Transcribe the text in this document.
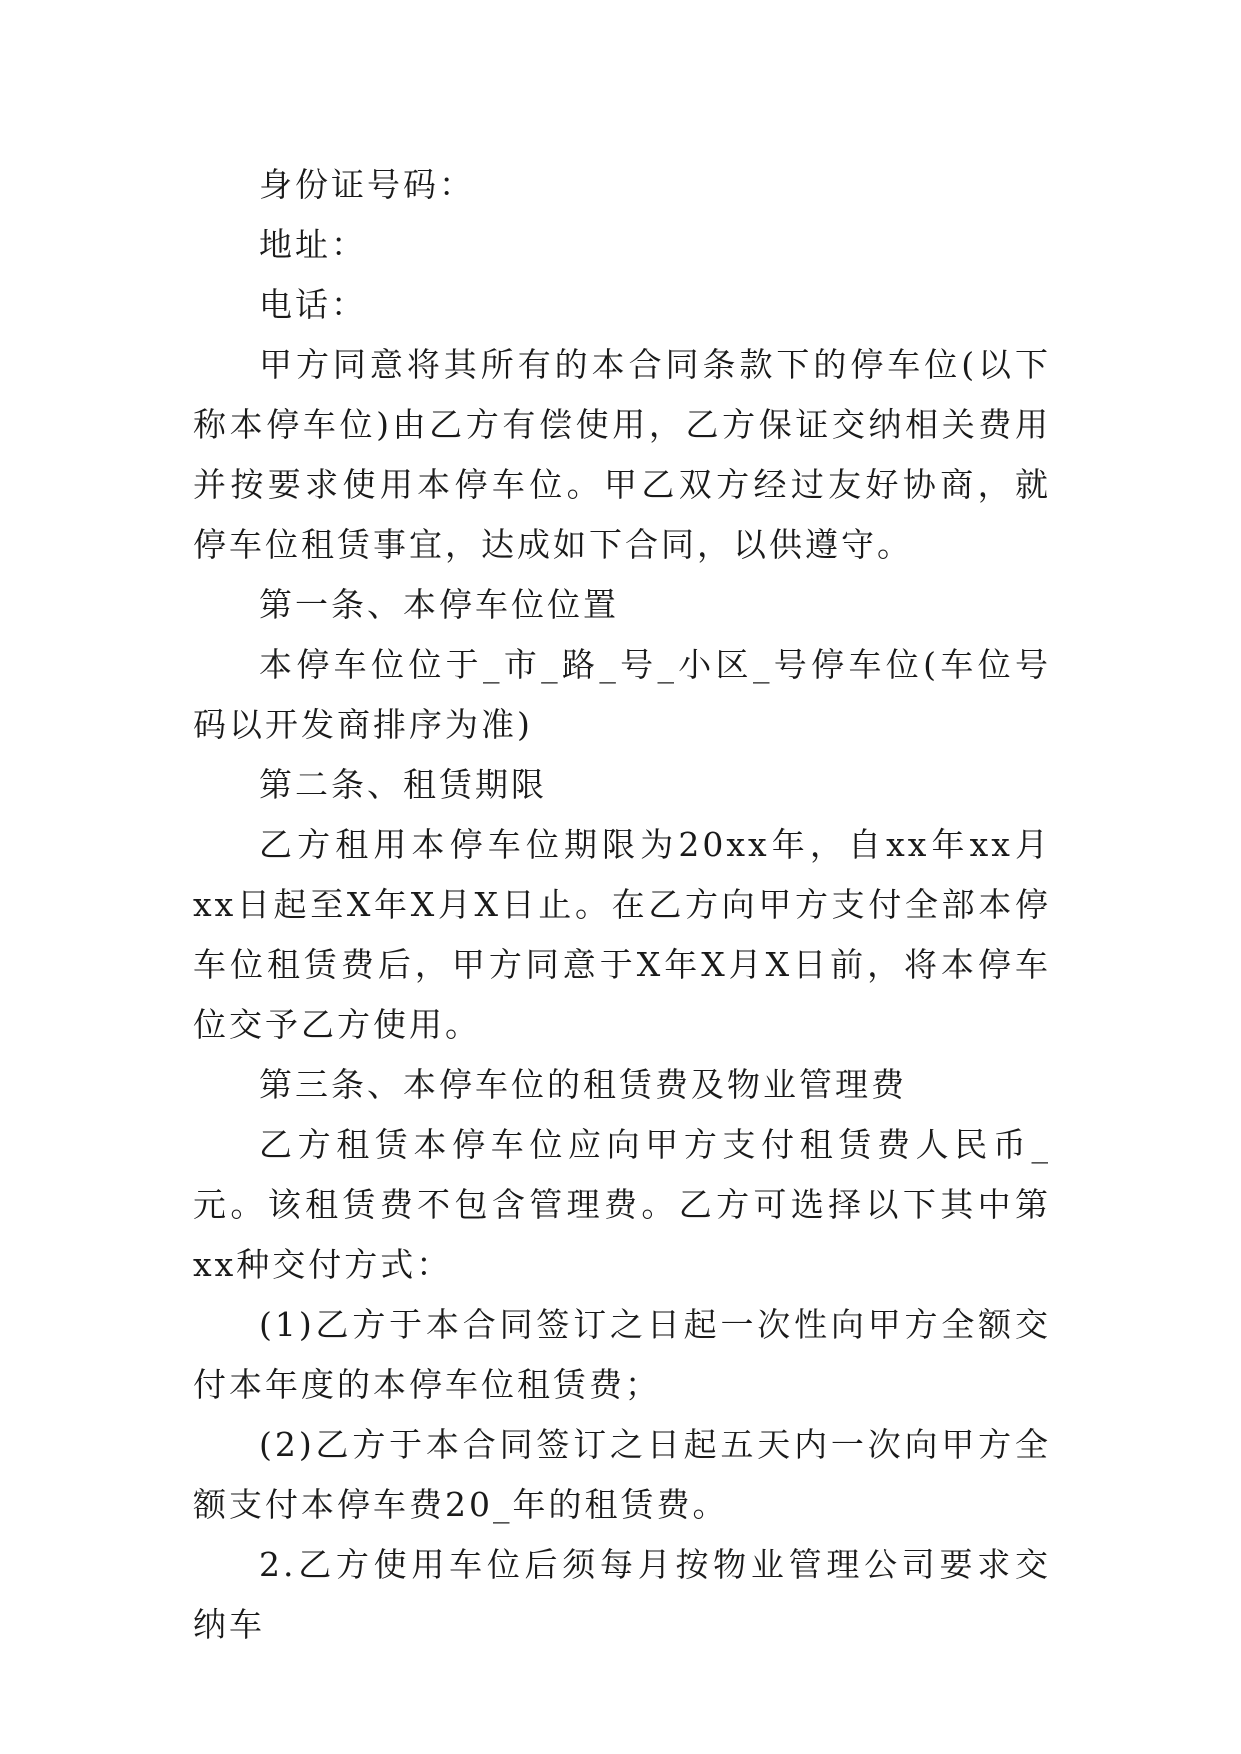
身份证号码：

地址：

电话：

甲方同意将其所有的本合同条款下的停车位(以下称本停车位)由乙方有偿使用，乙方保证交纳相关费用并按要求使用本停车位。甲乙双方经过友好协商，就停车位租赁事宜，达成如下合同，以供遵守。

第一条、本停车位位置

本停车位位于_市_路_号_小区_号停车位(车位号码以开发商排序为准)

第二条、租赁期限

乙方租用本停车位期限为20xx年，自xx年xx月xx日起至X年X月X日止。在乙方向甲方支付全部本停车位租赁费后，甲方同意于X年X月X日前，将本停车位交予乙方使用。

第三条、本停车位的租赁费及物业管理费

乙方租赁本停车位应向甲方支付租赁费人民币_元。该租赁费不包含管理费。乙方可选择以下其中第xx种交付方式：

(1)乙方于本合同签订之日起一次性向甲方全额交付本年度的本停车位租赁费；

(2)乙方于本合同签订之日起五天内一次向甲方全额支付本停车费20_年的租赁费。

2.乙方使用车位后须每月按物业管理公司要求交纳车
